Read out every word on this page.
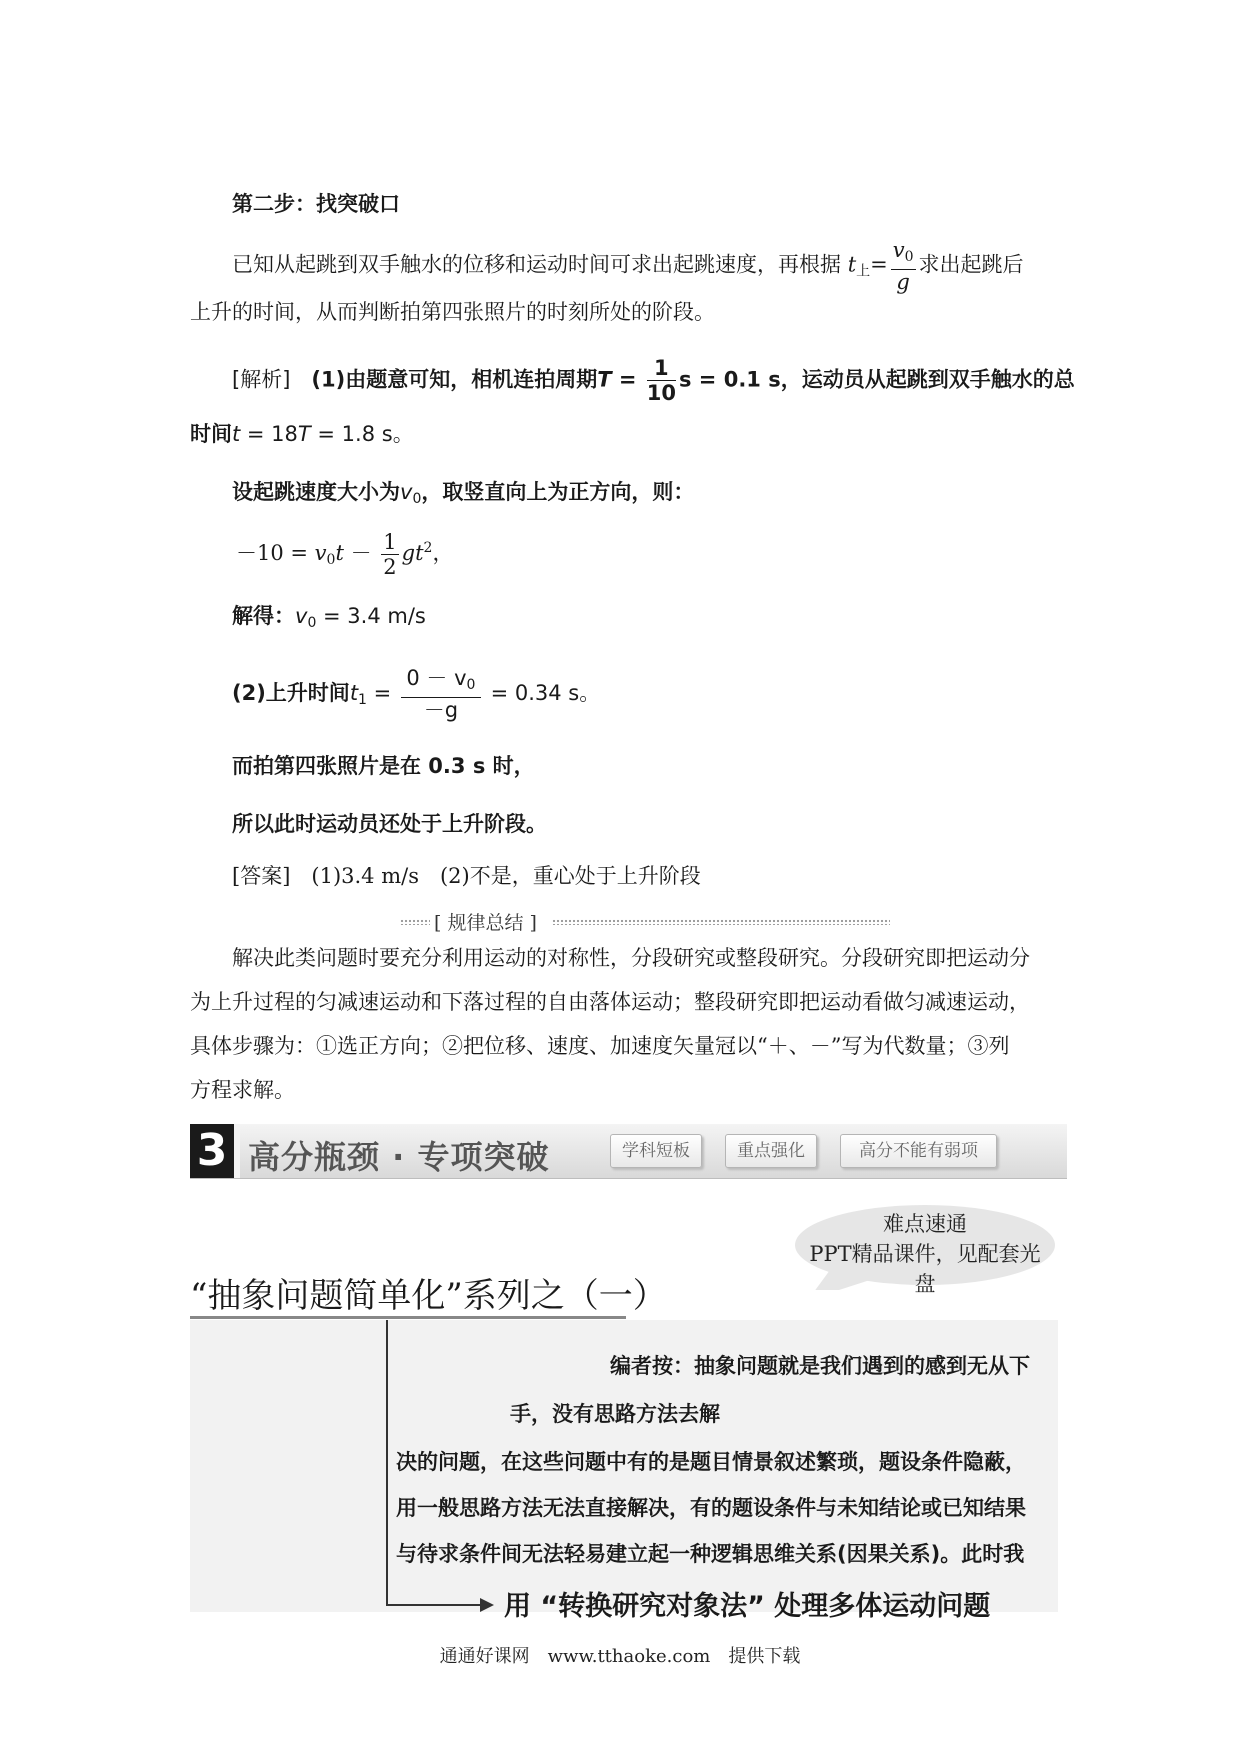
第二步：找突破口
已知从起跳到双手触水的位移和运动时间可求出起跳速度，再根据 $t_上= \frac{v_0}{g}$ 求出起跳后
上升的时间，从而判断拍第四张照片的时刻所处的阶段。
[解析]　 (1)由题意可知，相机连拍周期$T = \frac{1}{10}$ s = 0.1 s，运动员从起跳到双手触水的总
时间t = 18T = 1.8 s。
设起跳速度大小为$v_0$，取竖直向上为正方向，则：
$-10 = v_0t - \frac{1}{2} gt^2$，
解得：$v_0 = 3.4$ m/s
(2)上升时间$t_1 = \frac{0 - v_0}{-g} = 0.34$ s。
而拍第四张照片是在 0.3 s 时，
所以此时运动员还处于上升阶段。
[答案]　 (1)3.4 m/s　(2)不是，重心处于上升阶段
[ 规律总结 ]
解决此类问题时要充分利用运动的对称性，分段研究或整段研究。分段研究即把运动分
为上升过程的匀减速运动和下落过程的自由落体运动；整段研究即把运动看做匀减速运动，
具体步骤为：①选正方向；②把位移、速度、加速度矢量冠以“＋、－”写为代数量；③列
方程求解。
3 高分瓶颈 · 专项突破	学科短板	重点强化	高分不能有弱项
难点速通
PPT精品课件，见配套光盘
“抽象问题简单化”系列之（一）
编者按：抽象问题就是我们遇到的感到无从下
手，没有思路方法去解
决的问题，在这些问题中有的是题目情景叙述繁琐，题设条件隐蔽，
用一般思路方法无法直接解决，有的题设条件与未知结论或已知结果
与待求条件间无法轻易建立起一种逻辑思维关系(因果关系)。此时我
用 “转换研究对象法” 处理多体运动问题
通通好课网　www.tthaoke.com　提供下载
